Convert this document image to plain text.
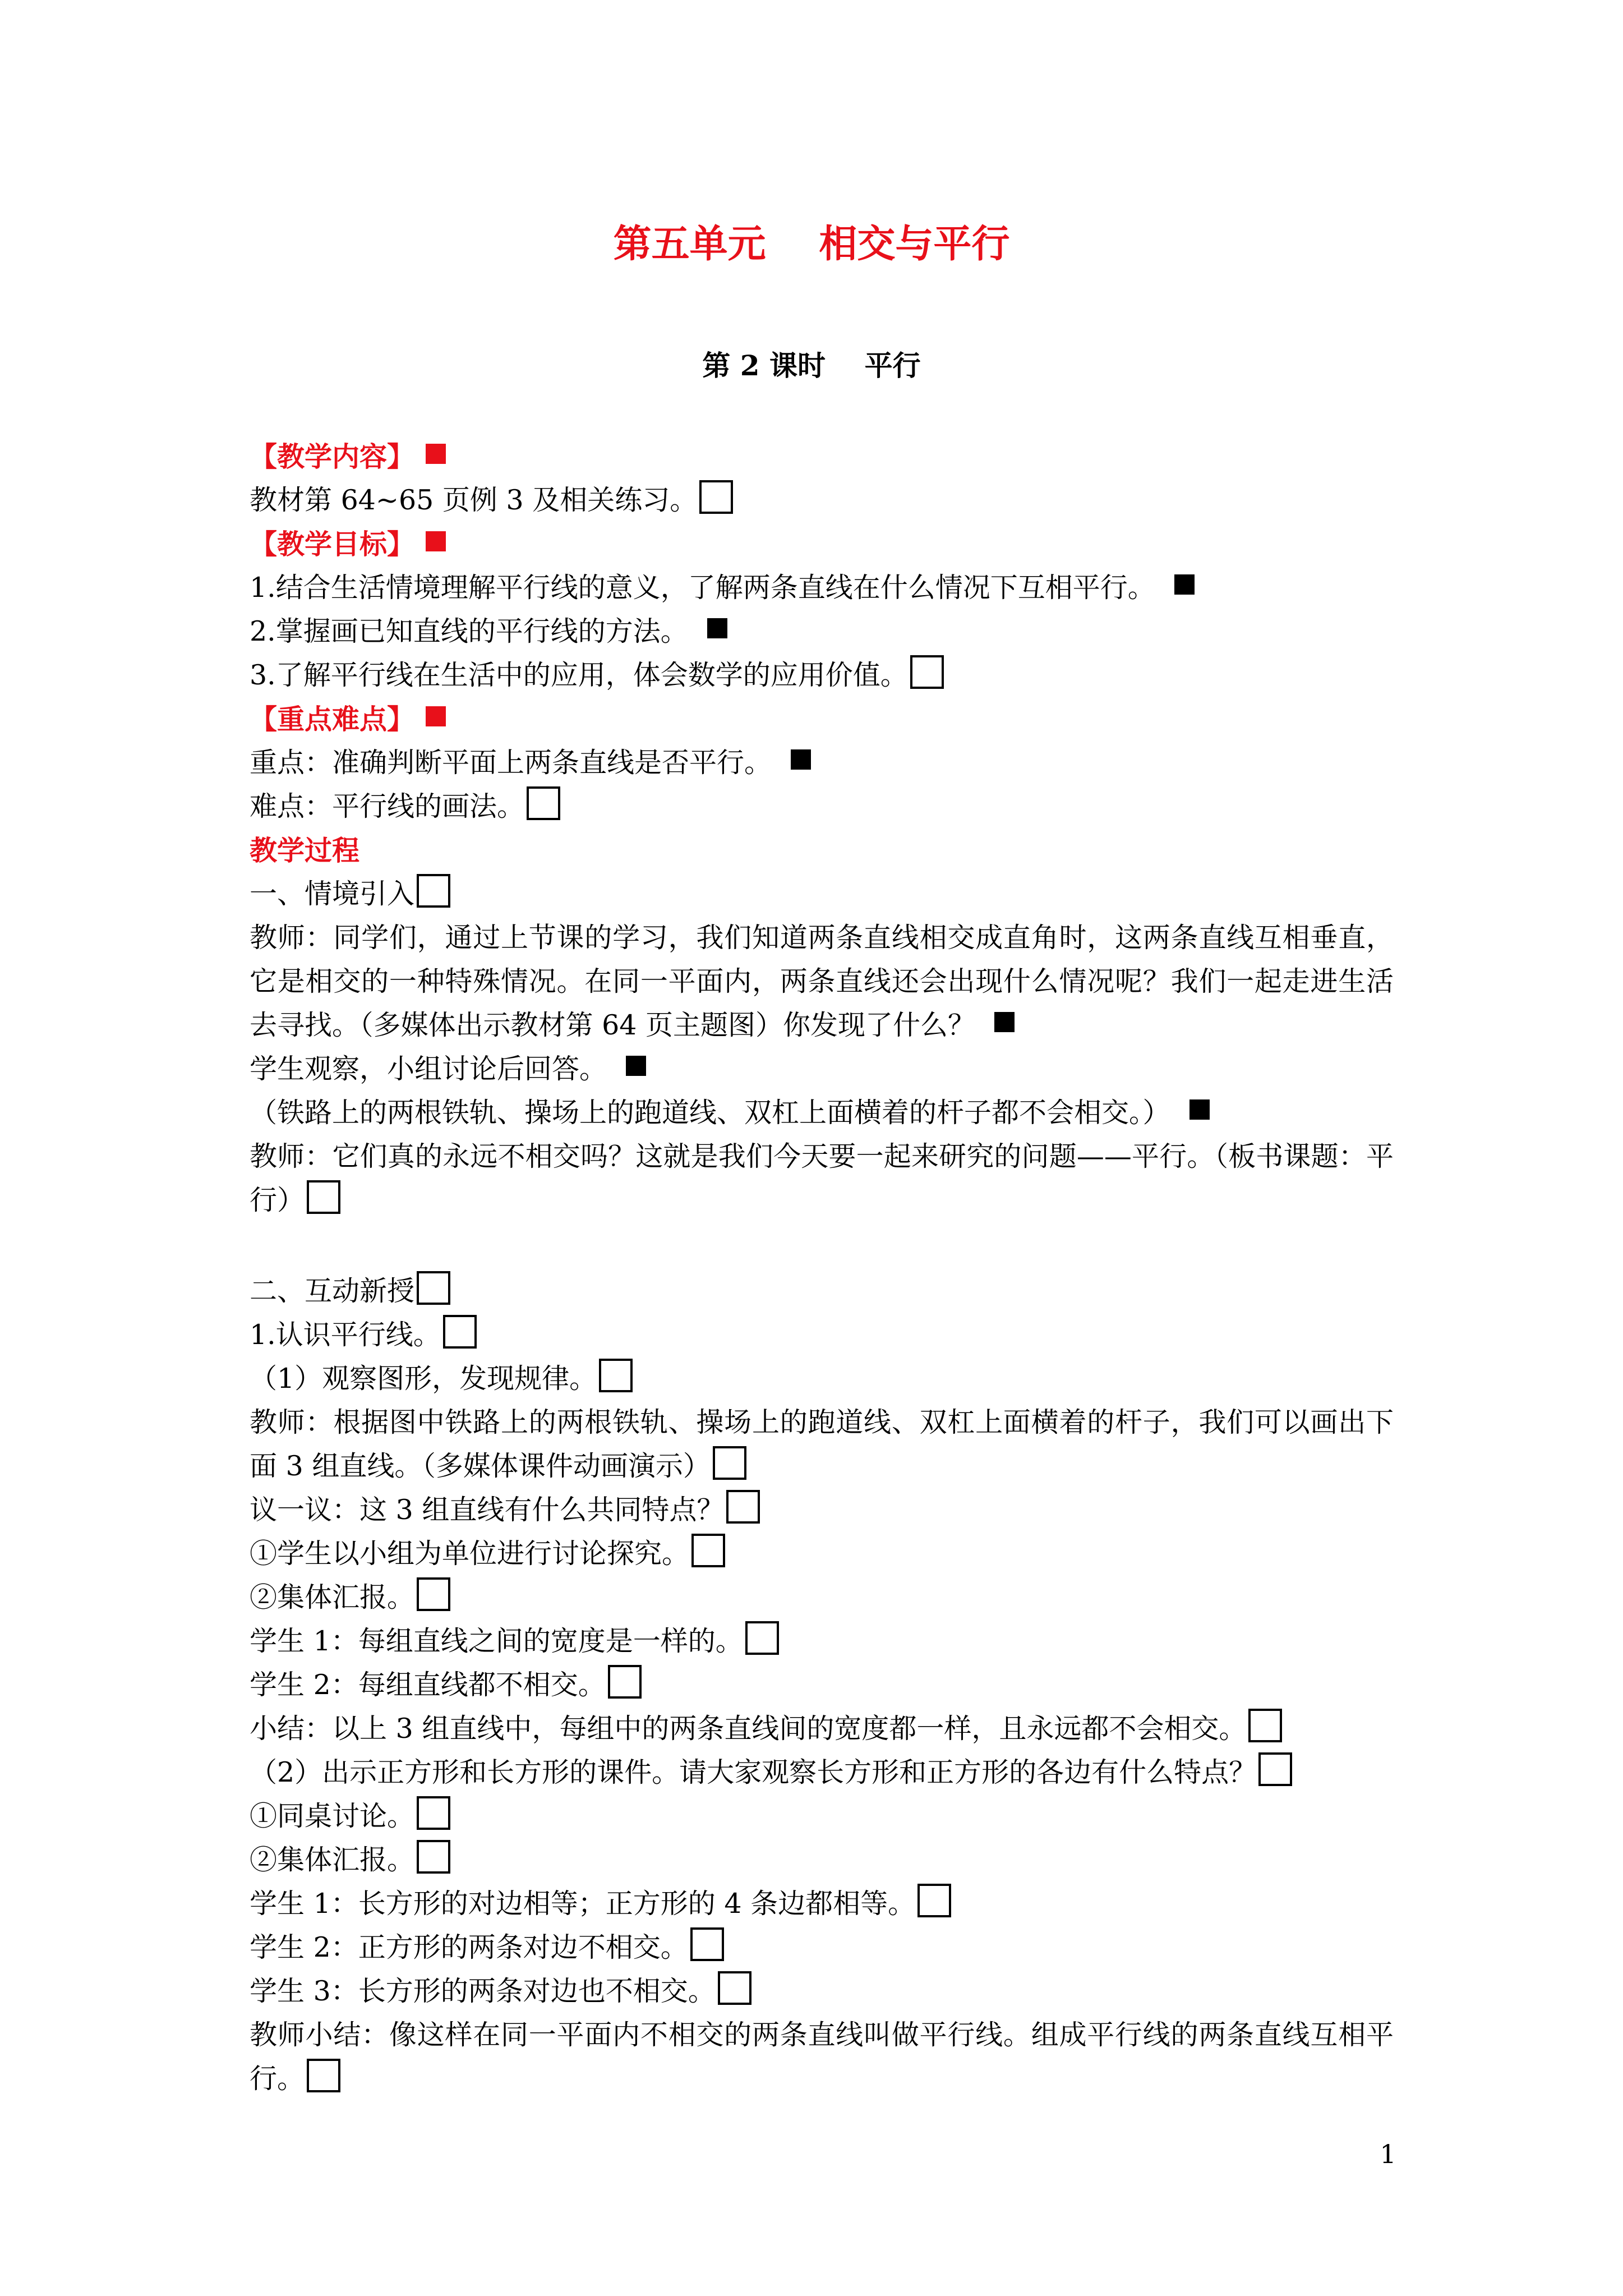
第五单元    相交与平行
第 2 课时    平行
【教学内容】
教材第 64~65 页例 3 及相关练习。
【教学目标】
1.结合生活情境理解平行线的意义，了解两条直线在什么情况下互相平行。
2.掌握画已知直线的平行线的方法。
3.了解平行线在生活中的应用，体会数学的应用价值。
【重点难点】
重点：准确判断平面上两条直线是否平行。
难点：平行线的画法。
教学过程
一、情境引入
教师：同学们，通过上节课的学习，我们知道两条直线相交成直角时，这两条直线互相垂直，它是相交的一种特殊情况。在同一平面内，两条直线还会出现什么情况呢？我们一起走进生活去寻找。（多媒体出示教材第 64 页主题图）你发现了什么？
学生观察，小组讨论后回答。
（铁路上的两根铁轨、操场上的跑道线、双杠上面横着的杆子都不会相交。）
教师：它们真的永远不相交吗？这就是我们今天要一起来研究的问题——平行。（板书课题：平行）
二、互动新授
1.认识平行线。
（1）观察图形，发现规律。
教师：根据图中铁路上的两根铁轨、操场上的跑道线、双杠上面横着的杆子，我们可以画出下面 3 组直线。（多媒体课件动画演示）
议一议：这 3 组直线有什么共同特点？
①学生以小组为单位进行讨论探究。
②集体汇报。
学生 1：每组直线之间的宽度是一样的。
学生 2：每组直线都不相交。
小结：以上 3 组直线中，每组中的两条直线间的宽度都一样，且永远都不会相交。
（2）出示正方形和长方形的课件。请大家观察长方形和正方形的各边有什么特点？
①同桌讨论。
②集体汇报。
学生 1：长方形的对边相等；正方形的 4 条边都相等。
学生 2：正方形的两条对边不相交。
学生 3：长方形的两条对边也不相交。
教师小结：像这样在同一平面内不相交的两条直线叫做平行线。组成平行线的两条直线互相平行。
1
